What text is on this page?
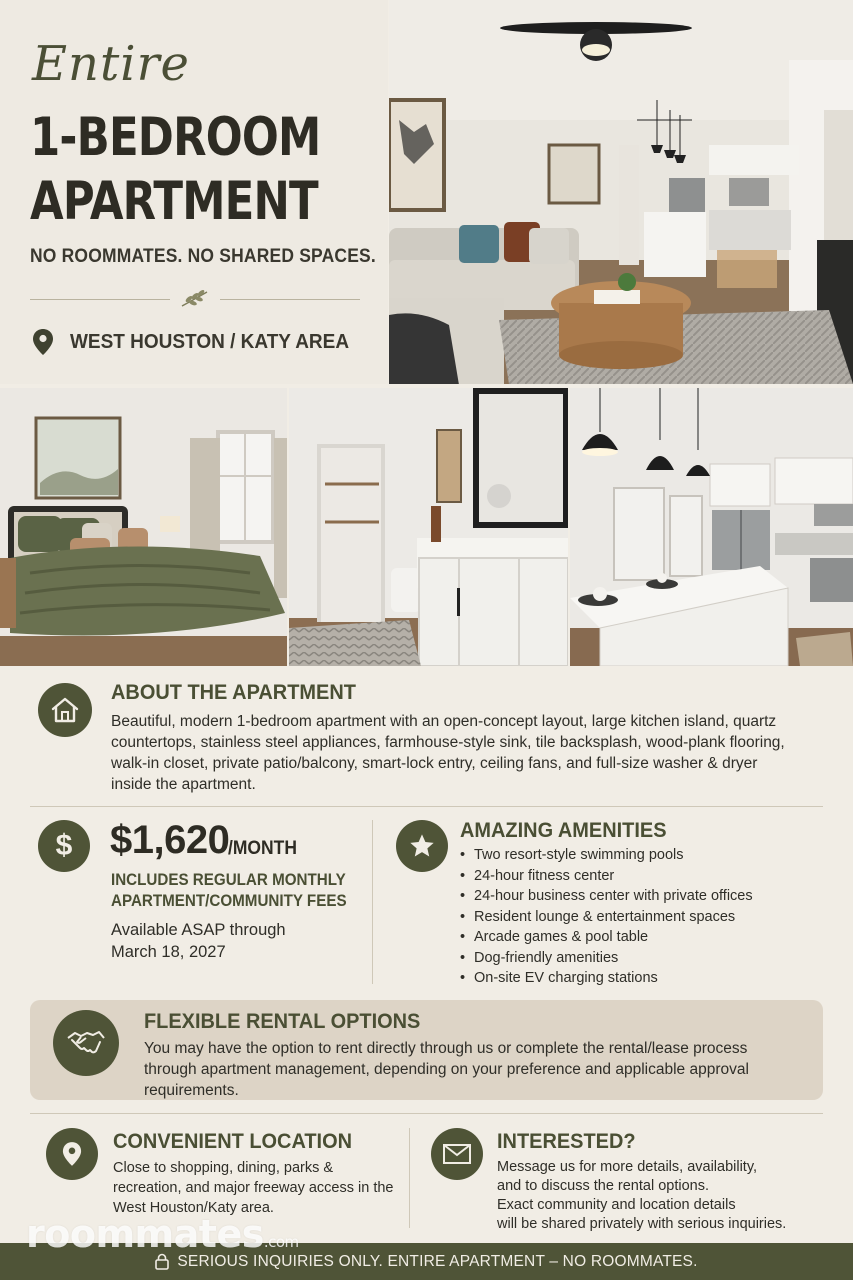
Entire
1-BEDROOM
APARTMENT
NO ROOMMATES. NO SHARED SPACES.
WEST HOUSTON / KATY AREA
ABOUT THE APARTMENT
Beautiful, modern 1-bedroom apartment with an open-concept layout, large kitchen island, quartz countertops, stainless steel appliances, farmhouse-style sink, tile backsplash, wood-plank flooring, walk-in closet, private patio/balcony, smart-lock entry, ceiling fans, and full-size washer & dryer inside the apartment.
$ $1,620
/MONTH
INCLUDES REGULAR MONTHLY
APARTMENT/COMMUNITY FEES
Available ASAP through
March 18, 2027
AMAZING AMENITIES
• Two resort-style swimming pools
• 24-hour fitness center
• 24-hour business center with private offices
• Resident lounge & entertainment spaces
• Arcade games & pool table
• Dog-friendly amenities
• On-site EV charging stations
FLEXIBLE RENTAL OPTIONS
You may have the option to rent directly through us or complete the rental/lease process through apartment management, depending on your preference and applicable approval requirements.
CONVENIENT LOCATION
Close to shopping, dining, parks & recreation, and major freeway access in the West Houston/Katy area.
INTERESTED?
Message us for more details, availability,
and to discuss the rental options.
Exact community and location details
will be shared privately with serious inquiries.
roommates.com
SERIOUS INQUIRIES ONLY. ENTIRE APARTMENT – NO ROOMMATES.
